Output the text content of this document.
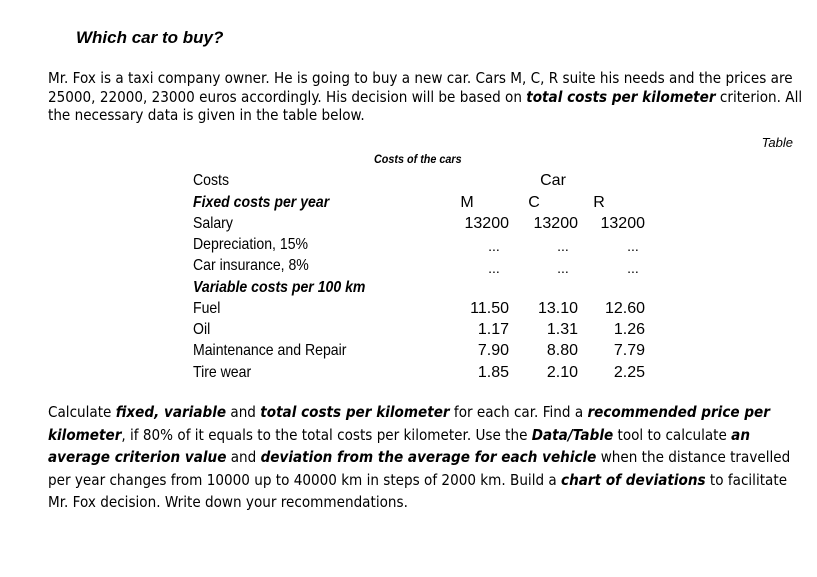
Which car to buy?
Mr. Fox is a taxi company owner. He is going to buy a new car. Cars M, C, R suite his needs and the prices are 25000, 22000, 23000 euros accordingly. His decision will be based on total costs per kilometer criterion. All the necessary data is given in the table below.
Table
Costs of the cars
Costs	Car
Fixed costs per year	M	C	R
Salary	13200	13200	13200
Depreciation, 15%	...	...	...
Car insurance, 8%	...	...	...
Variable costs per 100 km
Fuel	11.50	13.10	12.60
Oil	1.17	1.31	1.26
Maintenance and Repair	7.90	8.80	7.79
Tire wear	1.85	2.10	2.25
Calculate fixed, variable and total costs per kilometer for each car. Find a recommended price per kilometer, if 80% of it equals to the total costs per kilometer. Use the Data/Table tool to calculate an average criterion value and deviation from the average for each vehicle when the distance travelled per year changes from 10000 up to 40000 km in steps of 2000 km. Build a chart of deviations to facilitate Mr. Fox decision. Write down your recommendations.
